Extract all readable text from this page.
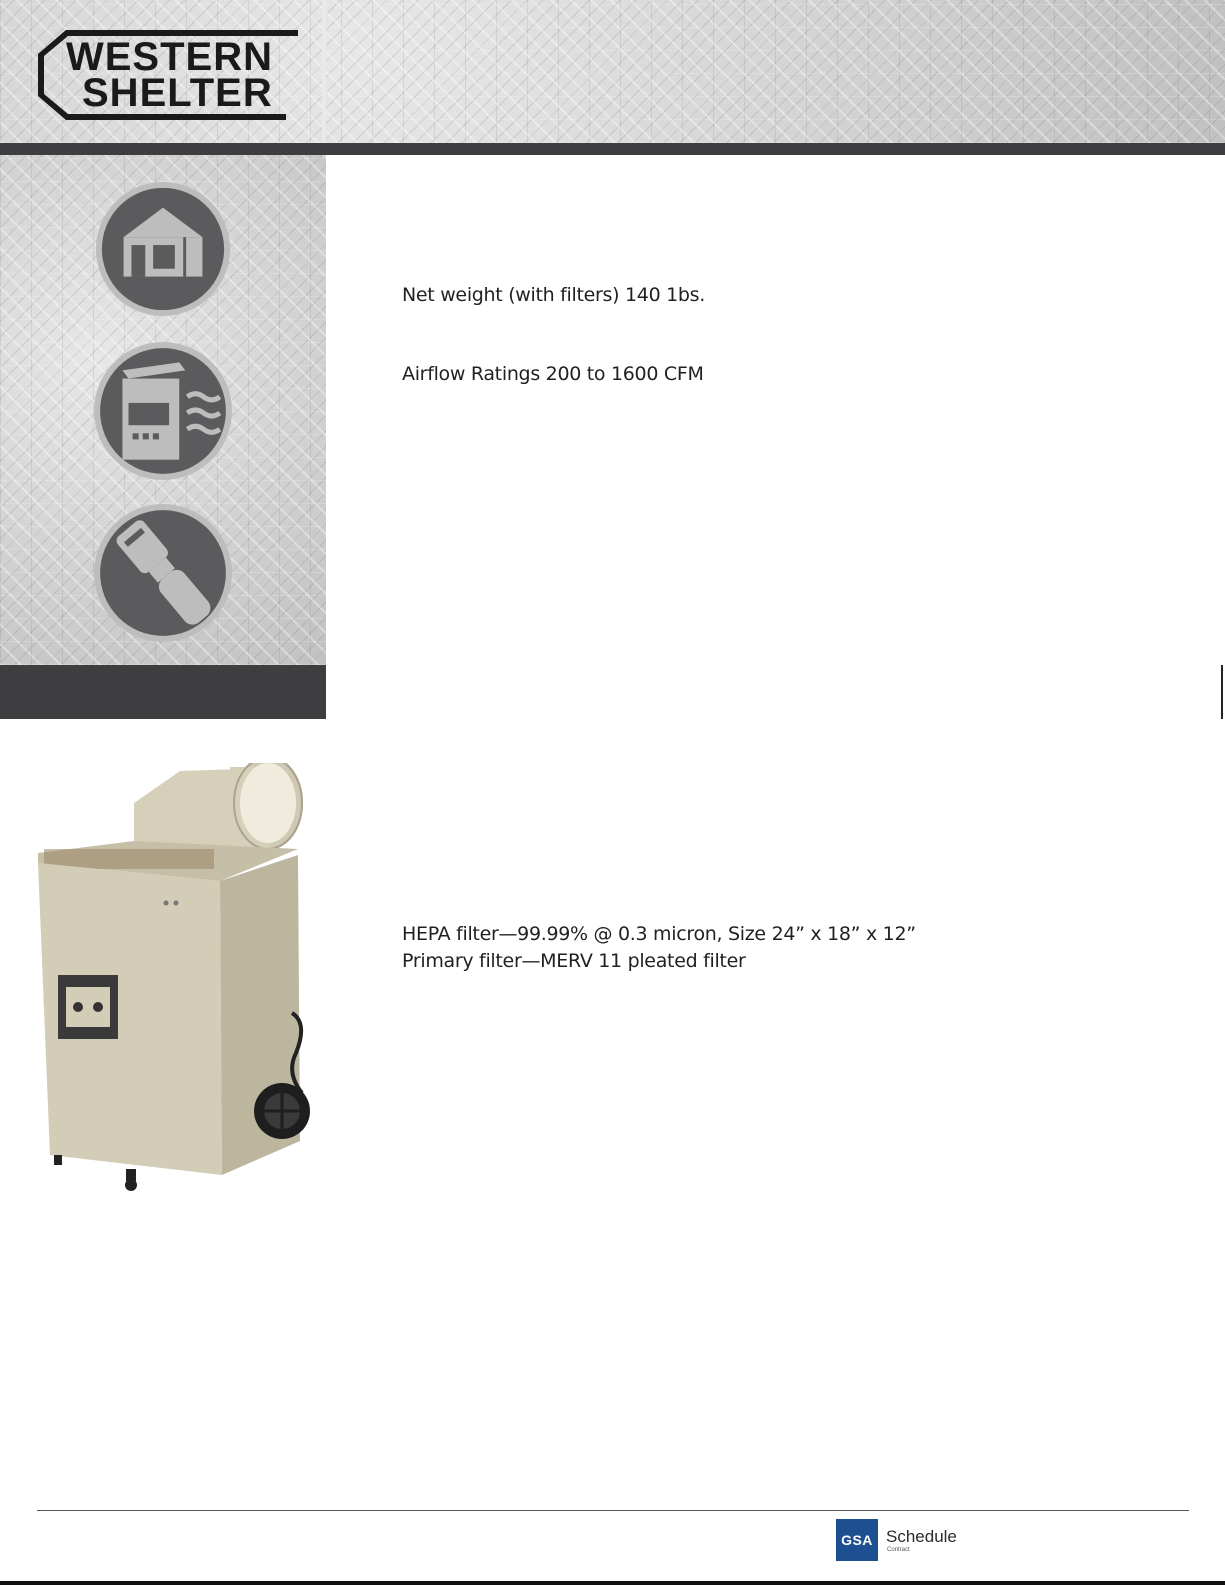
WESTERN
SHELTER

Net weight (with filters) 140 1bs.

Airflow Ratings 200 to 1600 CFM

HEPA filter—99.99% @ 0.3 micron, Size 24” x 18” x 12”

Primary filter—MERV 11 pleated filter

GSA Schedule
Contract
